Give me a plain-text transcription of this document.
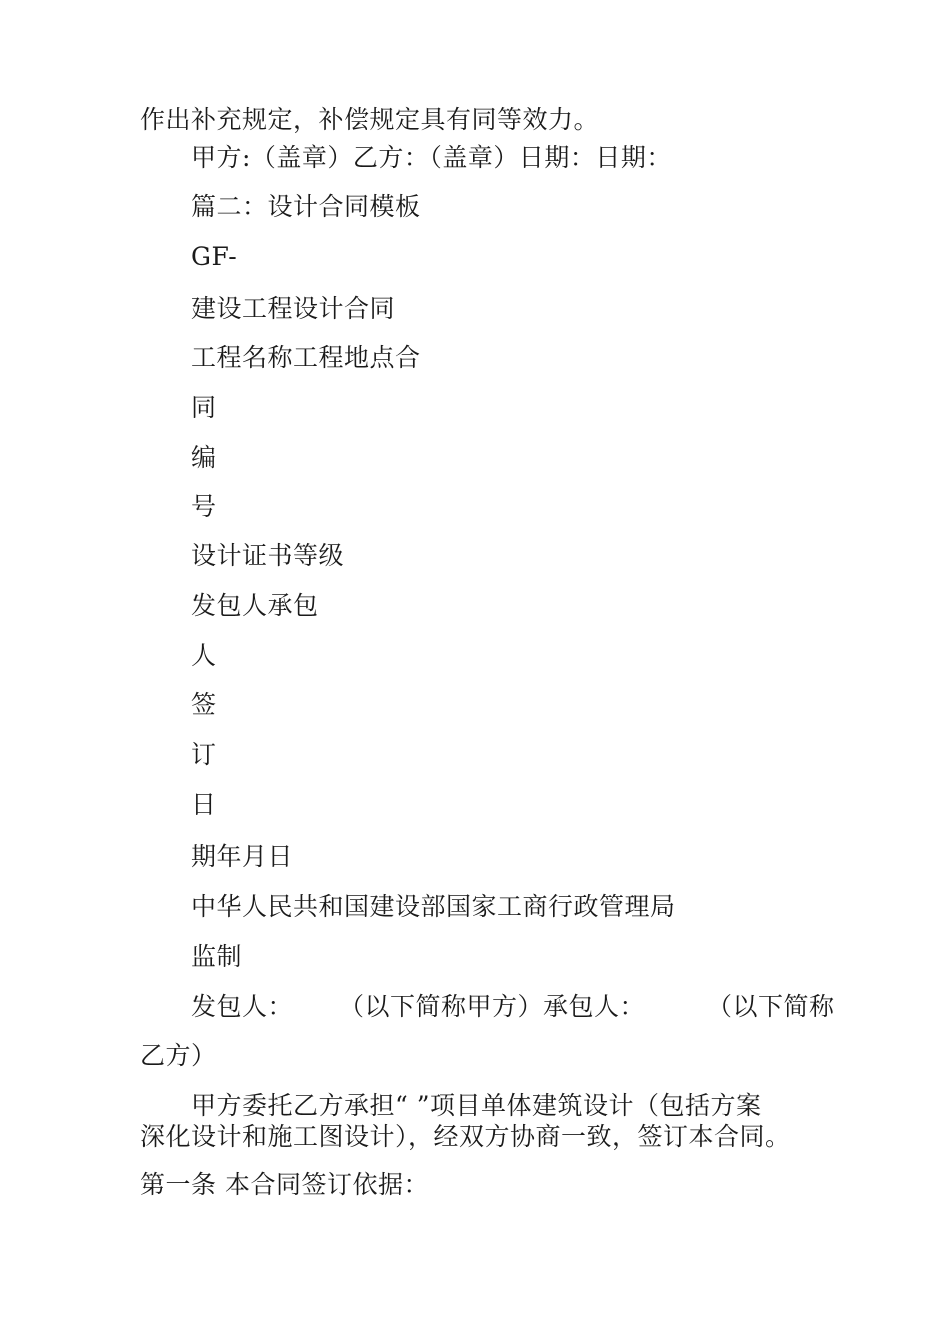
作出补充规定，补偿规定具有同等效力。
甲方:（盖章）乙方：（盖章）日期：日期：
篇二：设计合同模板
GF-
建设工程设计合同
工程名称工程地点合
同
编
号
设计证书等级
发包人承包
人
签
订
日
期年月日
中华人民共和国建设部国家工商行政管理局
监制
发包人： （以下简称甲方）承包人： （以下简称
乙方）
甲方委托乙方承担“ ”项目单体建筑设计（包括方案
深化设计和施工图设计），经双方协商一致，签订本合同。
第一条 本合同签订依据：
